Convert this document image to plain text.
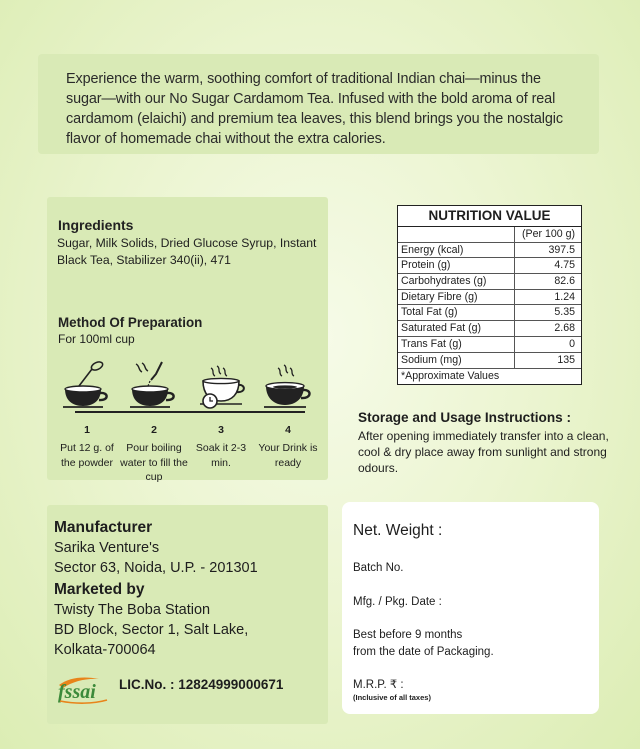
Experience the warm, soothing comfort of traditional Indian chai—minus the sugar—with our No Sugar Cardamom Tea. Infused with the bold aroma of real cardamom (elaichi) and premium tea leaves, this blend brings you the nostalgic flavor of homemade chai without the extra calories.

Ingredients
Sugar, Milk Solids, Dried Glucose Syrup, Instant Black Tea, Stabilizer 340(ii), 471
Method Of Preparation
For 100ml cup
1
Put 12 g. of the powder
2
Pour boiling water to fill the cup
3
Soak it 2-3 min.
4
Your Drink is ready
NUTRITION VALUE
(Per 100 g)
Energy (kcal)	397.5
Protein (g)	4.75
Carbohydrates (g)	82.6
Dietary Fibre (g)	1.24
Total Fat (g)	5.35
Saturated Fat (g)	2.68
Trans Fat (g)	0
Sodium (mg)	135
*Approximate Values
Storage and Usage Instructions :
After opening immediately transfer into a clean, cool & dry place away from sunlight and strong odours.
Manufacturer
Sarika Venture's
Sector 63, Noida, U.P. - 201301
Marketed by
Twisty The Boba Station
BD Block, Sector 1, Salt Lake,
Kolkata-700064
fssai LIC.No. : 12824999000671
Net. Weight :
Batch No.
Mfg. / Pkg. Date :
Best before 9 months
from the date of Packaging.
M.R.P. ₹ :
(Inclusive of all taxes)
